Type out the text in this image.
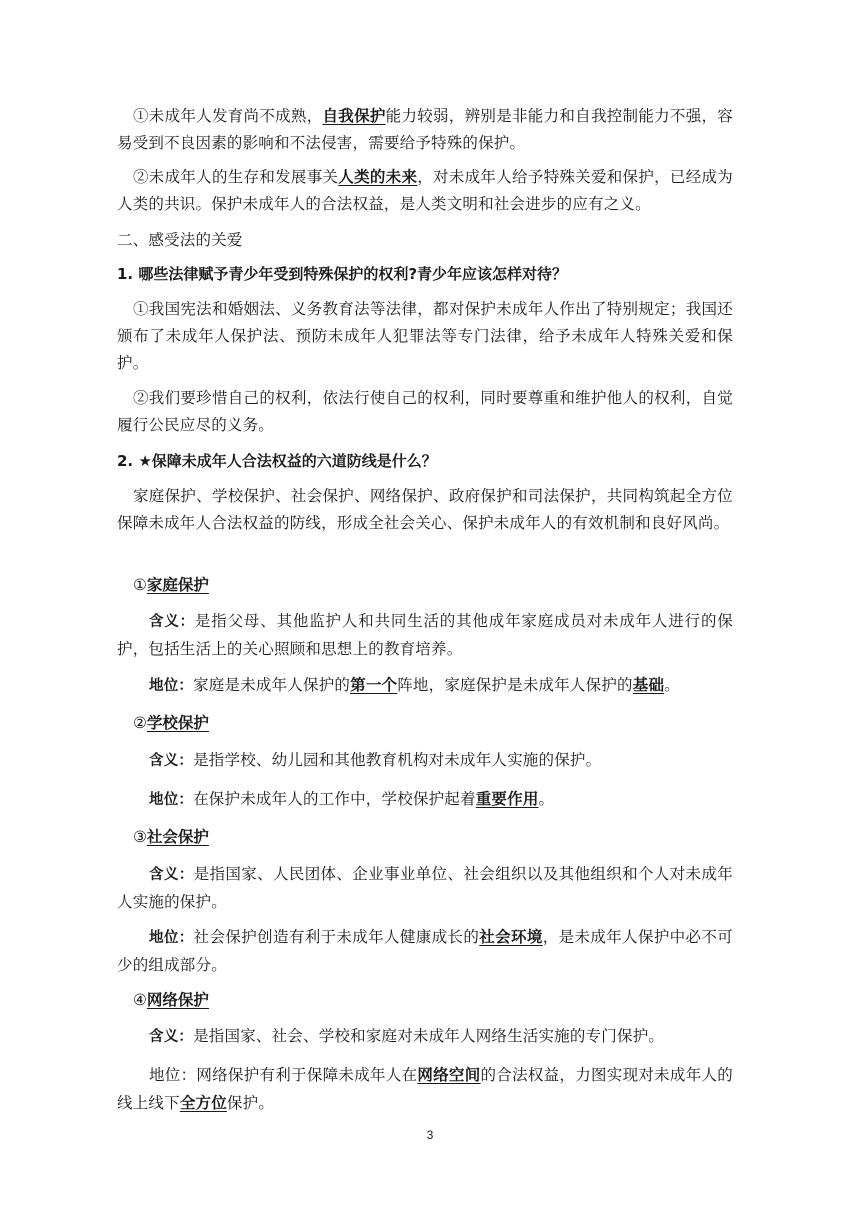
①未成年人发育尚不成熟，自我保护能力较弱，辨别是非能力和自我控制能力不强，容易受到不良因素的影响和不法侵害，需要给予特殊的保护。

②未成年人的生存和发展事关人类的未来，对未成年人给予特殊关爱和保护，已经成为人类的共识。保护未成年人的合法权益，是人类文明和社会进步的应有之义。

二、感受法的关爱

1. 哪些法律赋予青少年受到特殊保护的权利?青少年应该怎样对待？

①我国宪法和婚姻法、义务教育法等法律，都对保护未成年人作出了特别规定；我国还颁布了未成年人保护法、预防未成年人犯罪法等专门法律，给予未成年人特殊关爱和保护。

②我们要珍惜自己的权利，依法行使自己的权利，同时要尊重和维护他人的权利，自觉履行公民应尽的义务。

2. ★保障未成年人合法权益的六道防线是什么？

家庭保护、学校保护、社会保护、网络保护、政府保护和司法保护，共同构筑起全方位保障未成年人合法权益的防线，形成全社会关心、保护未成年人的有效机制和良好风尚。

①家庭保护

含义：是指父母、其他监护人和共同生活的其他成年家庭成员对未成年人进行的保护，包括生活上的关心照顾和思想上的教育培养。

地位：家庭是未成年人保护的第一个阵地，家庭保护是未成年人保护的基础。

②学校保护

含义：是指学校、幼儿园和其他教育机构对未成年人实施的保护。

地位：在保护未成年人的工作中，学校保护起着重要作用。

③社会保护

含义：是指国家、人民团体、企业事业单位、社会组织以及其他组织和个人对未成年人实施的保护。

地位：社会保护创造有利于未成年人健康成长的社会环境，是未成年人保护中必不可少的组成部分。

④网络保护

含义：是指国家、社会、学校和家庭对未成年人网络生活实施的专门保护。

地位：网络保护有利于保障未成年人在网络空间的合法权益，力图实现对未成年人的线上线下全方位保护。

3
